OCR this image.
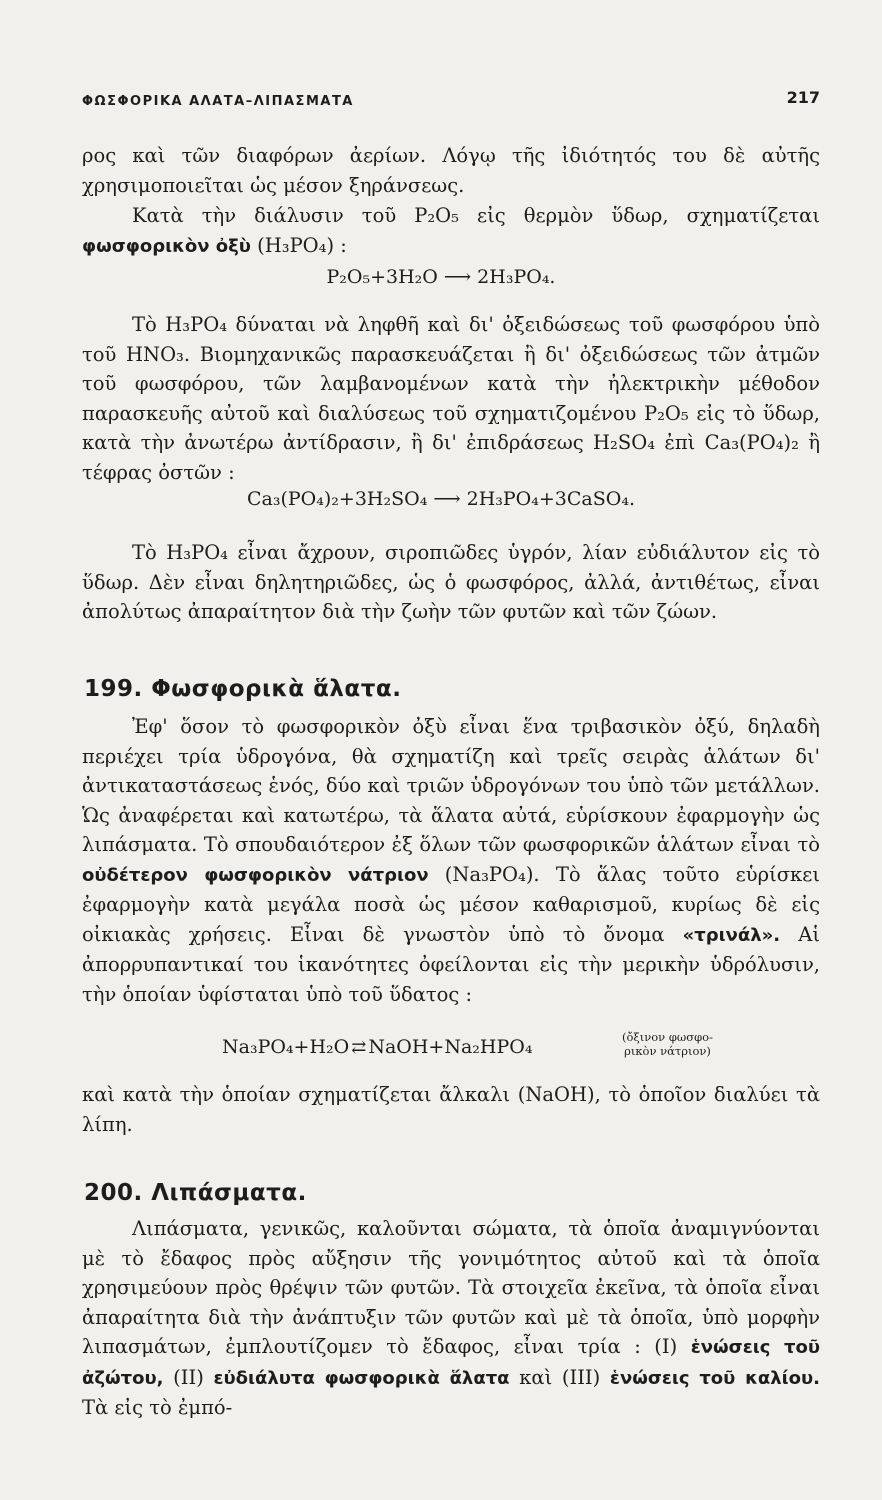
ΦΩΣΦΟΡΙΚΑ ΑΛΑΤΑ–ΛΙΠΑΣΜΑΤΑ	217

ρος καὶ τῶν διαφόρων ἀερίων. Λόγῳ τῆς ἰδιότητός του δὲ αὐτῆς χρησιμοποιεῖται ὡς μέσον ξηράνσεως.

Κατὰ τὴν διάλυσιν τοῦ P₂O₅ εἰς θερμὸν ὕδωρ, σχηματίζεται φωσφορικὸν ὀξὺ (H₃PO₄) :

P₂O₅+3H₂O ⟶ 2H₃PO₄.

Τὸ H₃PO₄ δύναται νὰ ληφθῆ καὶ δι' ὀξειδώσεως τοῦ φωσφόρου ὑπὸ τοῦ HNO₃. Βιομηχανικῶς παρασκευάζεται ἢ δι' ὀξειδώσεως τῶν ἀτμῶν τοῦ φωσφόρου, τῶν λαμβανομένων κατὰ τὴν ἠλεκτρικὴν μέθοδον παρασκευῆς αὐτοῦ καὶ διαλύσεως τοῦ σχηματιζομένου P₂O₅ εἰς τὸ ὕδωρ, κατὰ τὴν ἀνωτέρω ἀντίδρασιν, ἢ δι' ἐπιδράσεως H₂SO₄ ἐπὶ Ca₃(PO₄)₂ ἢ τέφρας ὀστῶν :

Ca₃(PO₄)₂+3H₂SO₄ ⟶ 2H₃PO₄+3CaSO₄.

Τὸ H₃PO₄ εἶναι ἄχρουν, σιροπιῶδες ὑγρόν, λίαν εὐδιάλυτον εἰς τὸ ὕδωρ. Δὲν εἶναι δηλητηριῶδες, ὡς ὁ φωσφόρος, ἀλλά, ἀντιθέτως, εἶναι ἀπολύτως ἀπαραίτητον διὰ τὴν ζωὴν τῶν φυτῶν καὶ τῶν ζώων.

199. Φωσφορικὰ ἅλατα.

Ἐφ' ὅσον τὸ φωσφορικὸν ὀξὺ εἶναι ἕνα τριβασικὸν ὀξύ, δηλαδὴ περιέχει τρία ὑδρογόνα, θὰ σχηματίζη καὶ τρεῖς σειρὰς ἁλάτων δι' ἀντικαταστάσεως ἑνός, δύο καὶ τριῶν ὑδρογόνων του ὑπὸ τῶν μετάλλων. Ὡς ἀναφέρεται καὶ κατωτέρω, τὰ ἅλατα αὐτά, εὑρίσκουν ἐφαρμογὴν ὡς λιπάσματα. Τὸ σπουδαιότερον ἐξ ὅλων τῶν φωσφορικῶν ἁλάτων εἶναι τὸ οὐδέτερον φωσφορικὸν νάτριον (Na₃PO₄). Τὸ ἅλας τοῦτο εὑρίσκει ἐφαρμογὴν κατὰ μεγάλα ποσὰ ὡς μέσον καθαρισμοῦ, κυρίως δὲ εἰς οἰκιακὰς χρήσεις. Εἶναι δὲ γνωστὸν ὑπὸ τὸ ὄνομα «τρινάλ». Αἱ ἀπορρυπαντικαί του ἱκανότητες ὀφείλονται εἰς τὴν μερικὴν ὑδρόλυσιν, τὴν ὁποίαν ὑφίσταται ὑπὸ τοῦ ὕδατος :

Na₃PO₄+H₂O ⇄ NaOH+Na₂HPO₄	(ὄξινον φωσφο-
ρικὸν νάτριον)

καὶ κατὰ τὴν ὁποίαν σχηματίζεται ἄλκαλι (NaOH), τὸ ὁποῖον διαλύει τὰ λίπη.

200. Λιπάσματα.

Λιπάσματα, γενικῶς, καλοῦνται σώματα, τὰ ὁποῖα ἀναμιγνύονται μὲ τὸ ἔδαφος πρὸς αὔξησιν τῆς γονιμότητος αὐτοῦ καὶ τὰ ὁποῖα χρησιμεύουν πρὸς θρέψιν τῶν φυτῶν. Τὰ στοιχεῖα ἐκεῖνα, τὰ ὁποῖα εἶναι ἀπαραίτητα διὰ τὴν ἀνάπτυξιν τῶν φυτῶν καὶ μὲ τὰ ὁποῖα, ὑπὸ μορφὴν λιπασμάτων, ἐμπλουτίζομεν τὸ ἔδαφος, εἶναι τρία : (I) ἑνώσεις τοῦ ἀζώτου, (II) εὐδιάλυτα φωσφορικὰ ἅλατα καὶ (III) ἑνώσεις τοῦ καλίου. Τὰ εἰς τὸ ἐμπό-
